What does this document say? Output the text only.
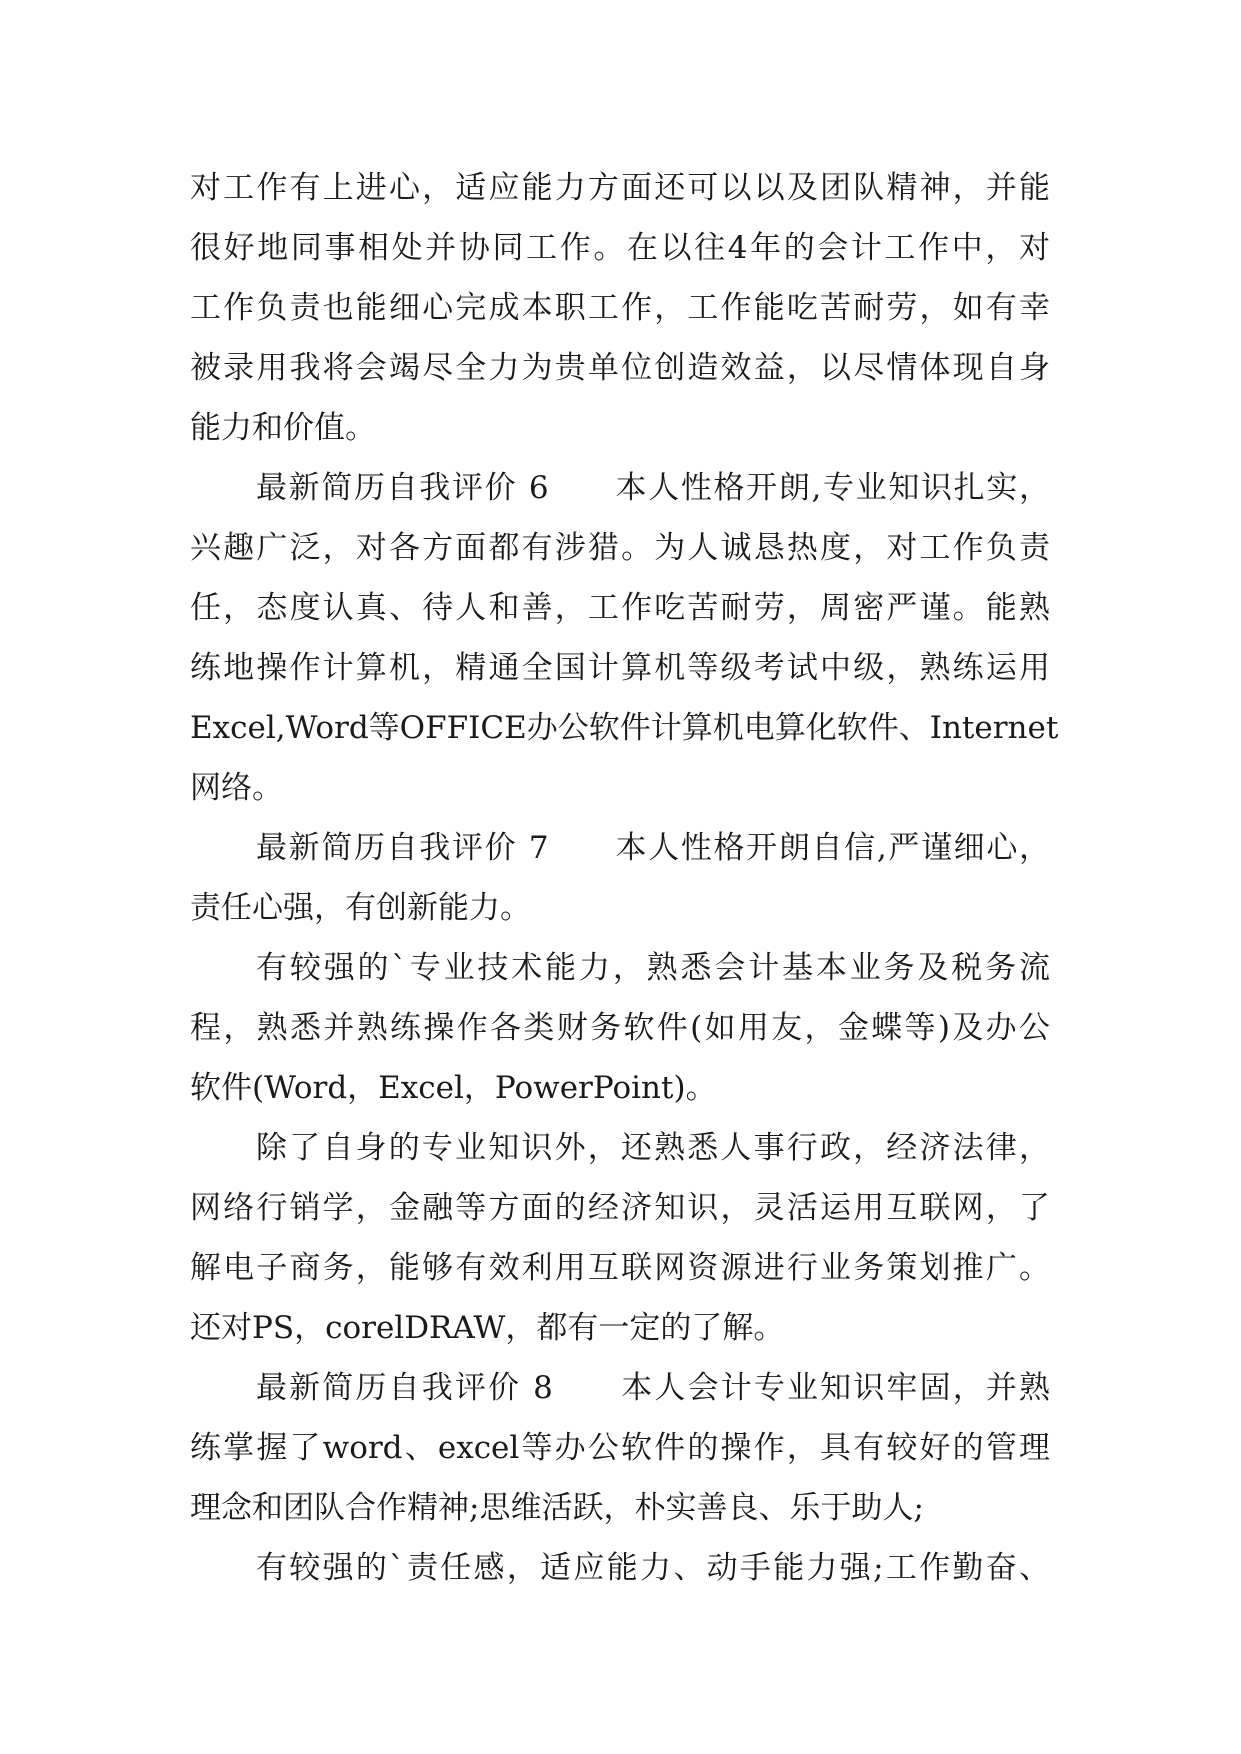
对工作有上进心，适应能力方面还可以以及团队精神，并能
很好地同事相处并协同工作。在以往4年的会计工作中，对
工作负责也能细心完成本职工作，工作能吃苦耐劳，如有幸
被录用我将会竭尽全力为贵单位创造效益，以尽情体现自身
能力和价值。
最新简历自我评价 6　　本人性格开朗,专业知识扎实，
兴趣广泛，对各方面都有涉猎。为人诚恳热度，对工作负责
任，态度认真、待人和善，工作吃苦耐劳，周密严谨。能熟
练地操作计算机，精通全国计算机等级考试中级，熟练运用
Excel,Word等OFFICE办公软件计算机电算化软件、Internet
网络。
最新简历自我评价 7　　本人性格开朗自信,严谨细心，
责任心强，有创新能力。
有较强的`专业技术能力，熟悉会计基本业务及税务流
程，熟悉并熟练操作各类财务软件(如用友，金蝶等)及办公
软件(Word，Excel，PowerPoint)。
除了自身的专业知识外，还熟悉人事行政，经济法律，
网络行销学，金融等方面的经济知识，灵活运用互联网，了
解电子商务，能够有效利用互联网资源进行业务策划推广。
还对PS，corelDRAW，都有一定的了解。
最新简历自我评价 8　　本人会计专业知识牢固，并熟
练掌握了word、excel等办公软件的操作，具有较好的管理
理念和团队合作精神;思维活跃，朴实善良、乐于助人;
有较强的`责任感，适应能力、动手能力强;工作勤奋、
